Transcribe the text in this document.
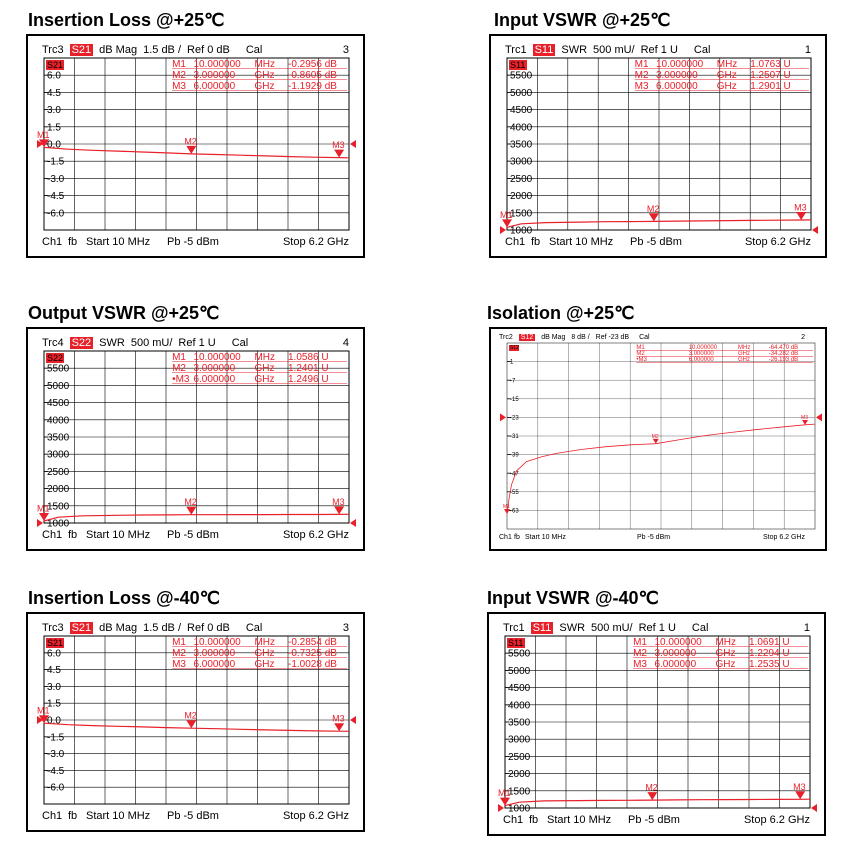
Insertion Loss @+25℃
Trc3 S21 dB Mag 1.5 dB / Ref 0 dB Cal	3
Ch1 fb Start 10 MHz Pb -5 dBm	Stop 6.2 GHz
6.0
4.5
3.0
1.5
0.0
-1.5
-3.0
-4.5
-6.0
S21	M1 10.000000 MHz -0.2956 dB
M2 3.000000 GHz -0.8605 dB
M3 6.000000 GHz -1.1929 dB
M1
M2	M3
Input VSWR @+25℃
Trc1 S11 SWR 500 mU/ Ref 1 U Cal	1
Ch1 fb Start 10 MHz Pb -5 dBm	Stop 6.2 GHz
5500
5000
4500
4000
3500
3000
2500
2000
1500
1000
S11	M1 10.000000 MHz 1.0763 U
M2 3.000000 GHz 1.2507 U
M3 6.000000 GHz 1.2901 U
M1
M2	M3
Output VSWR @+25℃
Trc4 S22 SWR 500 mU/ Ref 1 U Cal	4
Ch1 fb Start 10 MHz Pb -5 dBm	Stop 6.2 GHz
5500
5000
4500
4000
3500
3000
2500
2000
1500
1000
S22	M1 10.000000 MHz 1.0586 U
M2 3.000000 GHz 1.2401 U
•M3 6.000000 GHz 1.2496 U
M1
M2	M3
Isolation @+25℃
Trc2 S12 dB Mag 8 dB / Ref -23 dB Cal	2
Ch1 fb Start 10 MHz	Pb -5 dBm	Stop 6.2 GHz
1
-7
-15
-23
-31
-39
-47
-55
-63
S12	M1	10.000000	MHz	-64.470 dB
M2	3.000000	GHz	-34.282 dB
•M3	6.000000	GHz	-26.193 dB
M1
M2
M3
Insertion Loss @-40℃
Trc3 S21 dB Mag 1.5 dB / Ref 0 dB Cal	3
Ch1 fb Start 10 MHz Pb -5 dBm	Stop 6.2 GHz
6.0
4.5
3.0
1.5
0.0
-1.5
-3.0
-4.5
-6.0
S21	M1 10.000000 MHz -0.2854 dB
M2 3.000000 GHz -0.7325 dB
M3 6.000000 GHz -1.0028 dB
M1
M2	M3
Input VSWR @-40℃
Trc1 S11 SWR 500 mU/ Ref 1 U Cal	1
Ch1 fb Start 10 MHz Pb -5 dBm	Stop 6.2 GHz
5500
5000
4500
4000
3500
3000
2500
2000
1500
1000
S11	M1 10.000000 MHz 1.0691 U
M2 3.000000 GHz 1.2294 U
M3 6.000000 GHz 1.2535 U
M1
M2	M3
